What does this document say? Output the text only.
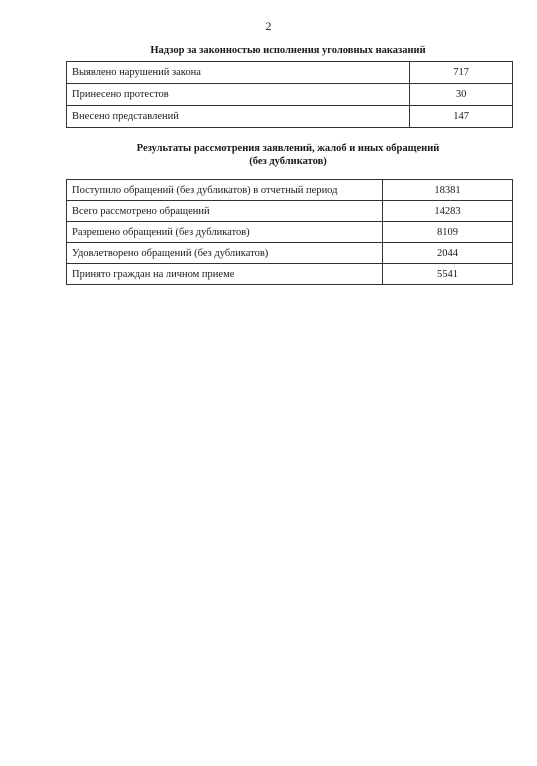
2
Надзор за законностью исполнения уголовных наказаний
Выявлено нарушений закона	717
Принесено протестов	30
Внесено представлений	147
Результаты рассмотрения заявлений, жалоб и иных обращений
(без дубликатов)
Поступило обращений (без дубликатов) в отчетный период	18381
Всего рассмотрено обращений	14283
Разрешено обращений (без дубликатов)	8109
Удовлетворено обращений (без дубликатов)	2044
Принято граждан на личном приеме	5541
